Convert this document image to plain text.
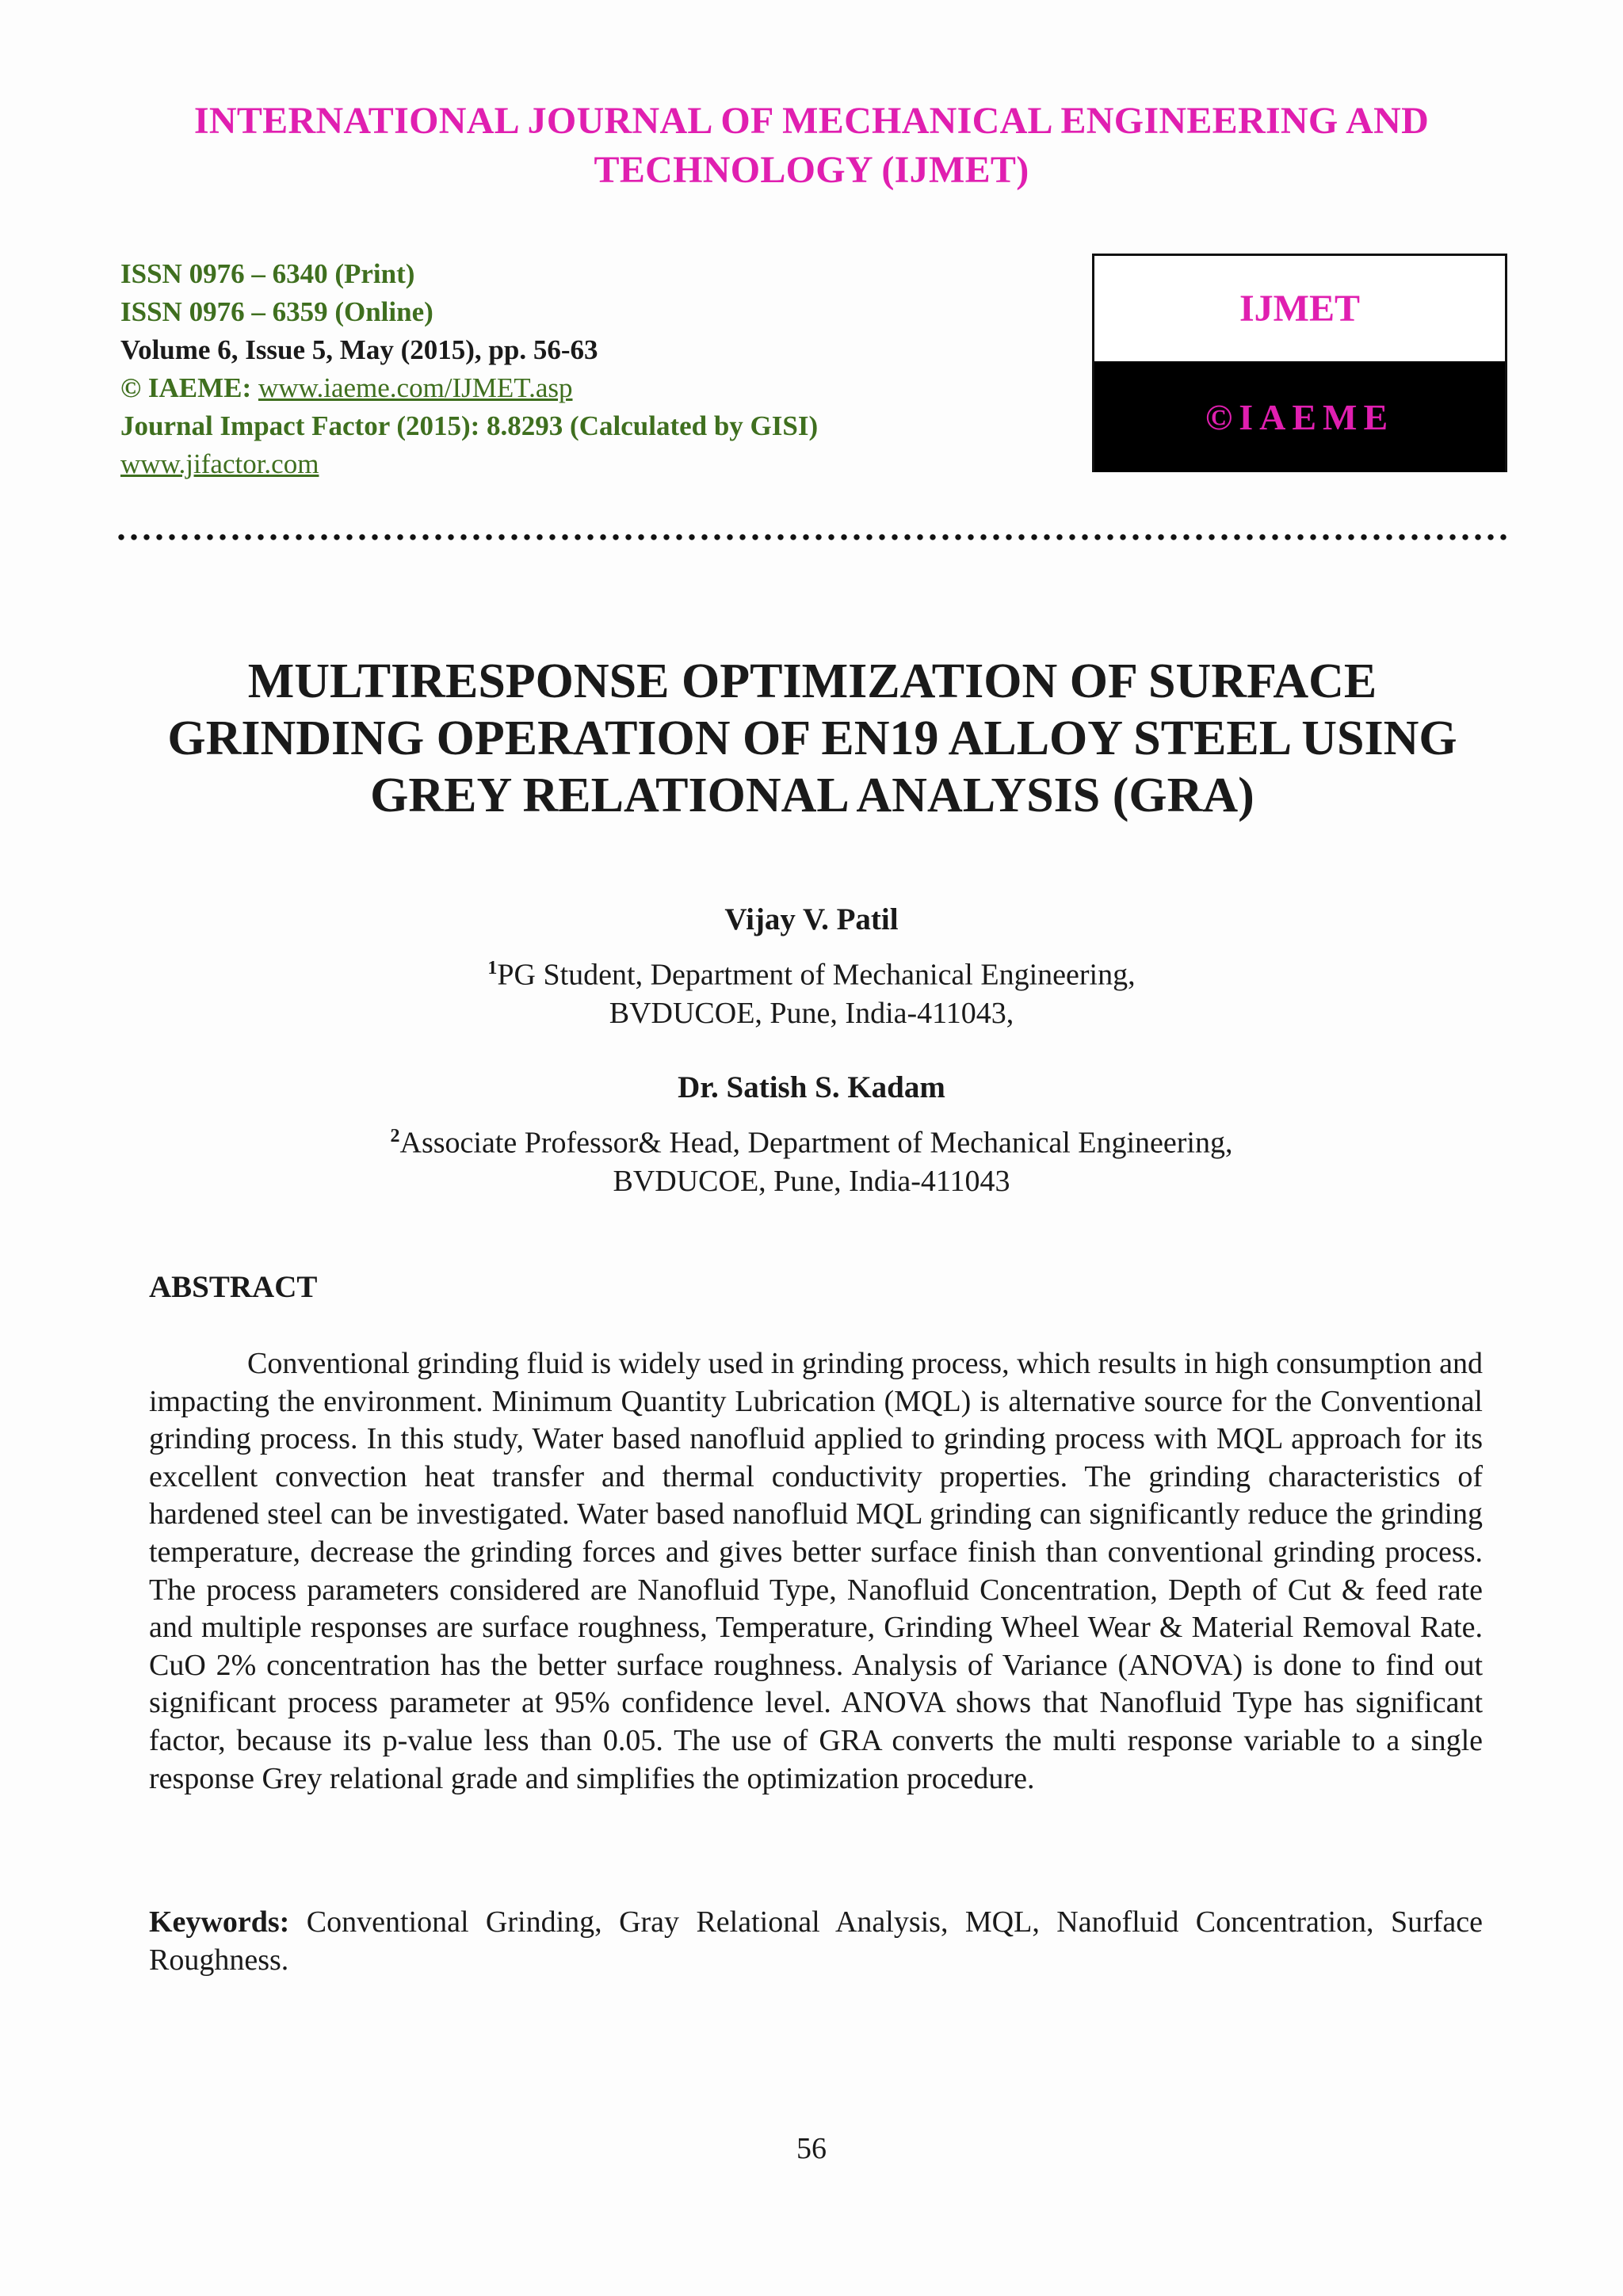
INTERNATIONAL JOURNAL OF MECHANICAL ENGINEERING AND
TECHNOLOGY (IJMET)
ISSN 0976 – 6340 (Print)
ISSN 0976 – 6359 (Online)
Volume 6, Issue 5, May (2015), pp. 56-63
© IAEME: www.iaeme.com/IJMET.asp
Journal Impact Factor (2015): 8.8293 (Calculated by GISI)
www.jifactor.com
IJMET
©IAEME
MULTIRESPONSE OPTIMIZATION OF SURFACE
GRINDING OPERATION OF EN19 ALLOY STEEL USING
GREY RELATIONAL ANALYSIS (GRA)
Vijay V. Patil
$^1$PG Student, Department of Mechanical Engineering,
BVDUCOE, Pune, India-411043,
Dr. Satish S. Kadam
$^2$Associate Professor& Head, Department of Mechanical Engineering,
BVDUCOE, Pune, India-411043
ABSTRACT
Conventional grinding fluid is widely used in grinding process, which results in high consumption and impacting the environment. Minimum Quantity Lubrication (MQL) is alternative source for the Conventional grinding process. In this study, Water based nanofluid applied to grinding process with MQL approach for its excellent convection heat transfer and thermal conductivity properties. The grinding characteristics of hardened steel can be investigated. Water based nanofluid MQL grinding can significantly reduce the grinding temperature, decrease the grinding forces and gives better surface finish than conventional grinding process. The process parameters considered are Nanofluid Type, Nanofluid Concentration, Depth of Cut & feed rate and multiple responses are surface roughness, Temperature, Grinding Wheel Wear & Material Removal Rate. CuO 2% concentration has the better surface roughness. Analysis of Variance (ANOVA) is done to find out significant process parameter at 95% confidence level. ANOVA shows that Nanofluid Type has significant factor, because its p-value less than 0.05. The use of GRA converts the multi response variable to a single response Grey relational grade and simplifies the optimization procedure.
Keywords: Conventional Grinding, Gray Relational Analysis, MQL, Nanofluid Concentration, Surface Roughness.
56
